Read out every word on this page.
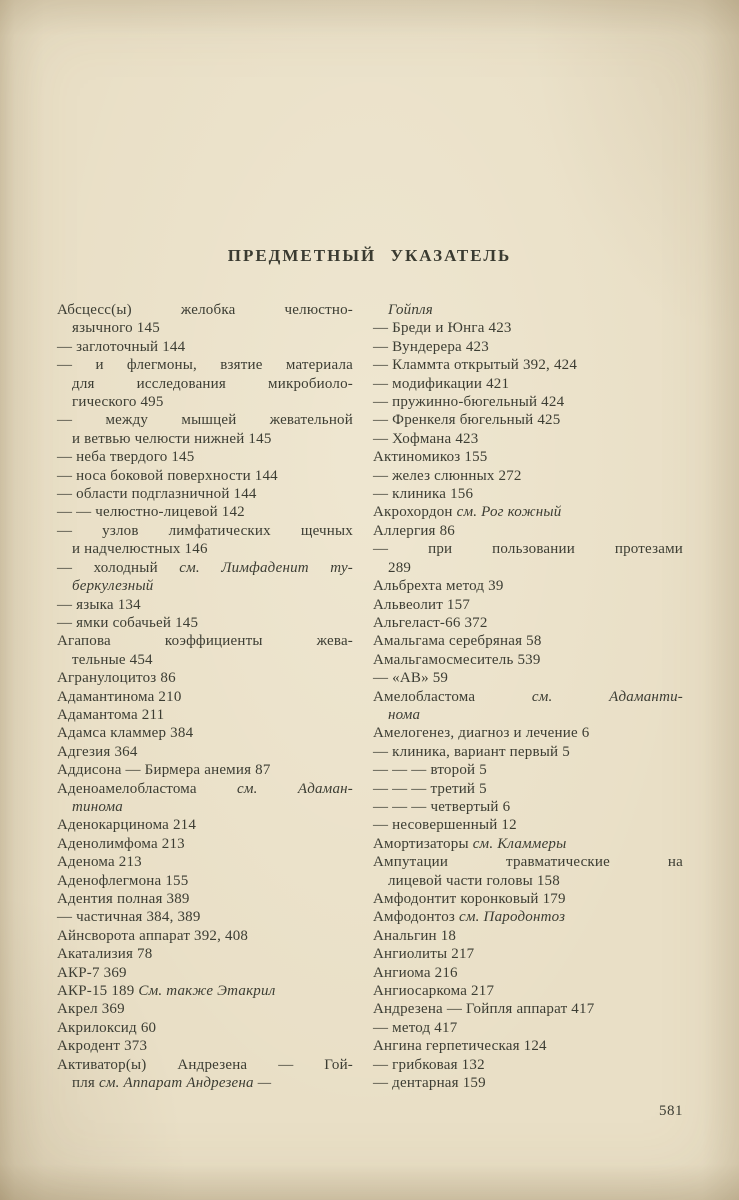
ПРЕДМЕТНЫЙ УКАЗАТЕЛЬ
Абсцесс(ы) желобка челюстно-
язычного 145
— заглоточный 144
— и флегмоны, взятие материала
для исследования микробиоло-
гического 495
— между мышцей жевательной
и ветвью челюсти нижней 145
— неба твердого 145
— носа боковой поверхности 144
— области подглазничной 144
— — челюстно-лицевой 142
— узлов лимфатических щечных
и надчелюстных 146
— холодный см. Лимфаденит ту-
беркулезный
— языка 134
— ямки собачьей 145
Агапова коэффициенты жева-
тельные 454
Агранулоцитоз 86
Адамантинома 210
Адамантома 211
Адамса кламмер 384
Адгезия 364
Аддисона — Бирмера анемия 87
Аденоамелобластома см. Адаман-
тинома
Аденокарцинома 214
Аденолимфома 213
Аденома 213
Аденофлегмона 155
Адентия полная 389
— частичная 384, 389
Айнсворота аппарат 392, 408
Акатализия 78
АКР-7 369
АКР-15 189 См. также Этакрил
Акрел 369
Акрилоксид 60
Акродент 373
Активатор(ы) Андрезена — Гой-
пля см. Аппарат Андрезена —
Гойпля
— Бреди и Юнга 423
— Вундерера 423
— Кламмта открытый 392, 424
— модификации 421
— пружинно-бюгельный 424
— Френкеля бюгельный 425
— Хофмана 423
Актиномикоз 155
— желез слюнных 272
— клиника 156
Акрохордон см. Рог кожный
Аллергия 86
— при пользовании протезами
289
Альбрехта метод 39
Альвеолит 157
Альгеласт-66 372
Амальгама серебряная 58
Амальгамосмеситель 539
— «АВ» 59
Амелобластома см. Адаманти-
нома
Амелогенез, диагноз и лечение 6
— клиника, вариант первый 5
— — — второй 5
— — — третий 5
— — — четвертый 6
— несовершенный 12
Амортизаторы см. Кламмеры
Ампутации травматические на
лицевой части головы 158
Амфодонтит коронковый 179
Амфодонтоз см. Пародонтоз
Анальгин 18
Ангиолиты 217
Ангиома 216
Ангиосаркома 217
Андрезена — Гойпля аппарат 417
— метод 417
Ангина герпетическая 124
— грибковая 132
— дентарная 159
581
